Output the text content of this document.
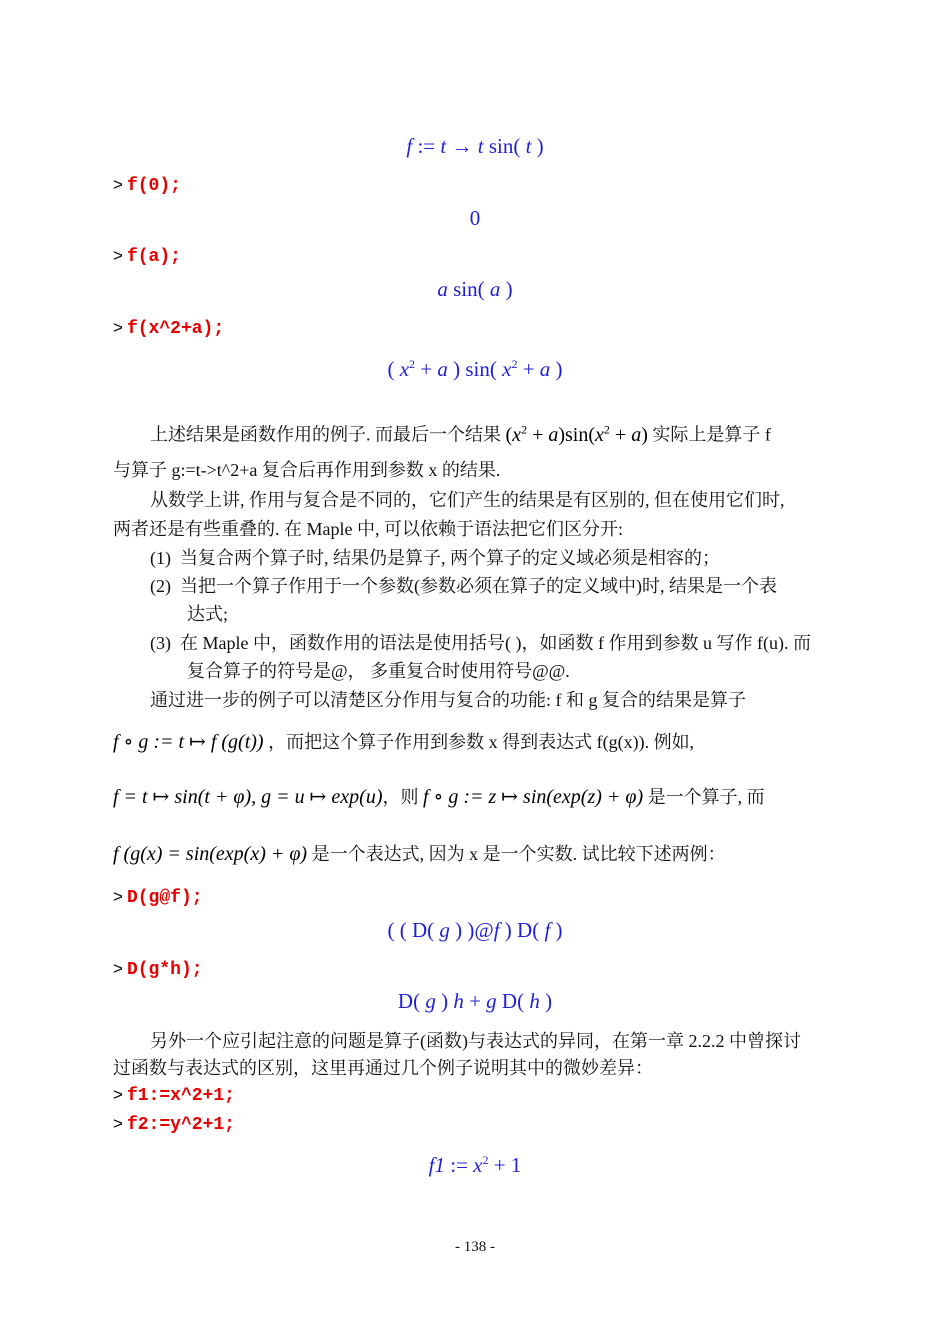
f := t → t sin( t )
> f(0);
0
> f(a);
a sin( a )
> f(x^2+a);
( $x^2 + a$ ) sin( $x^2 + a$ )
上述结果是函数作用的例子. 而最后一个结果 $(x^2 + a)\sin(x^2 + a)$ 实际上是算子 f
与算子 g:=t->t^2+a 复合后再作用到参数 x 的结果.
从数学上讲, 作用与复合是不同的，它们产生的结果是有区别的, 但在使用它们时,
两者还是有些重叠的. 在 Maple 中, 可以依赖于语法把它们区分开:
(1) 当复合两个算子时, 结果仍是算子, 两个算子的定义域必须是相容的；
(2) 当把一个算子作用于一个参数(参数必须在算子的定义域中)时, 结果是一个表
达式;
(3) 在 Maple 中，函数作用的语法是使用括号( )，如函数 f 作用到参数 u 写作 f(u). 而
复合算子的符号是@， 多重复合时使用符号@@.
通过进一步的例子可以清楚区分作用与复合的功能: f 和 g 复合的结果是算子
f ∘ g := t ↦ f (g(t)) ，而把这个算子作用到参数 x 得到表达式 f(g(x)). 例如,
f = t ↦ sin(t + φ), g = u ↦ exp(u)，则 f ∘ g := z ↦ sin(exp(z) + φ) 是一个算子, 而
f (g(x) = sin(exp(x) + φ) 是一个表达式, 因为 x 是一个实数. 试比较下述两例：
> D(g@f);
( ( D( g ) )@f ) D( f )
> D(g*h);
D( g ) h + g D( h )
另外一个应引起注意的问题是算子(函数)与表达式的异同，在第一章 2.2.2 中曾探讨
过函数与表达式的区别，这里再通过几个例子说明其中的微妙差异：
> f1:=x^2+1;
> f2:=y^2+1;
f1 := $x^2 + 1$
- 138 -
